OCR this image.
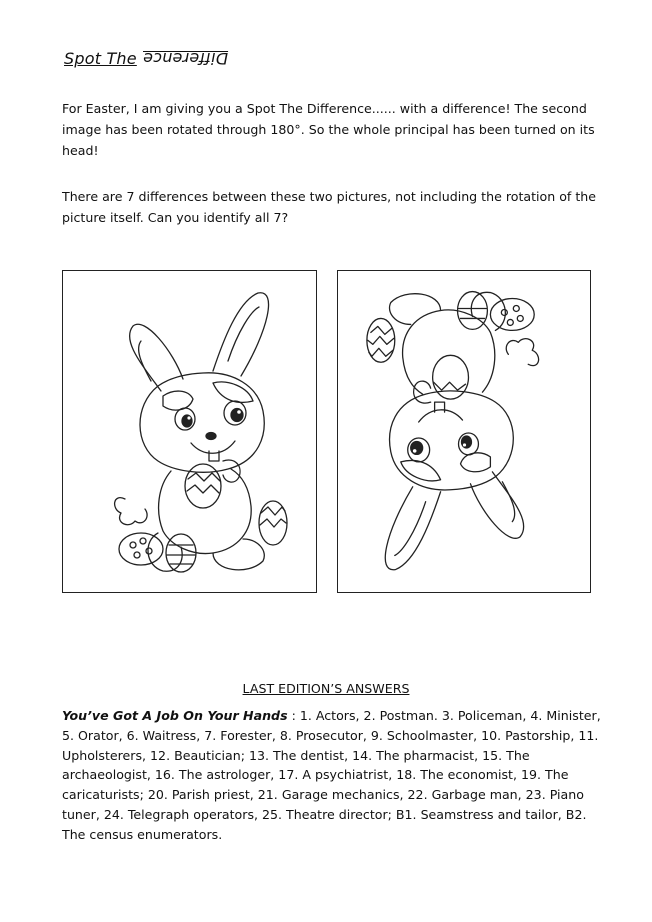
Spot The Difference
For Easter, I am giving you a Spot The Difference...... with a difference! The second image has been rotated through 180°. So the whole principal has been turned on its head!
There are 7 differences between these two pictures, not including the rotation of the picture itself. Can you identify all 7?
LAST EDITION’S ANSWERS
You’ve Got A Job On Your Hands : 1. Actors, 2. Postman. 3. Policeman, 4. Minister, 5. Orator, 6. Waitress, 7. Forester, 8. Prosecutor, 9. Schoolmaster, 10. Pastorship, 11. Upholsterers, 12. Beautician; 13. The dentist, 14. The pharmacist, 15. The archaeologist, 16. The astrologer, 17. A psychiatrist, 18. The economist, 19. The caricaturists; 20. Parish priest, 21. Garage mechanics, 22. Garbage man, 23. Piano tuner, 24. Telegraph operators, 25. Theatre director; B1. Seamstress and tailor, B2. The census enumerators.
